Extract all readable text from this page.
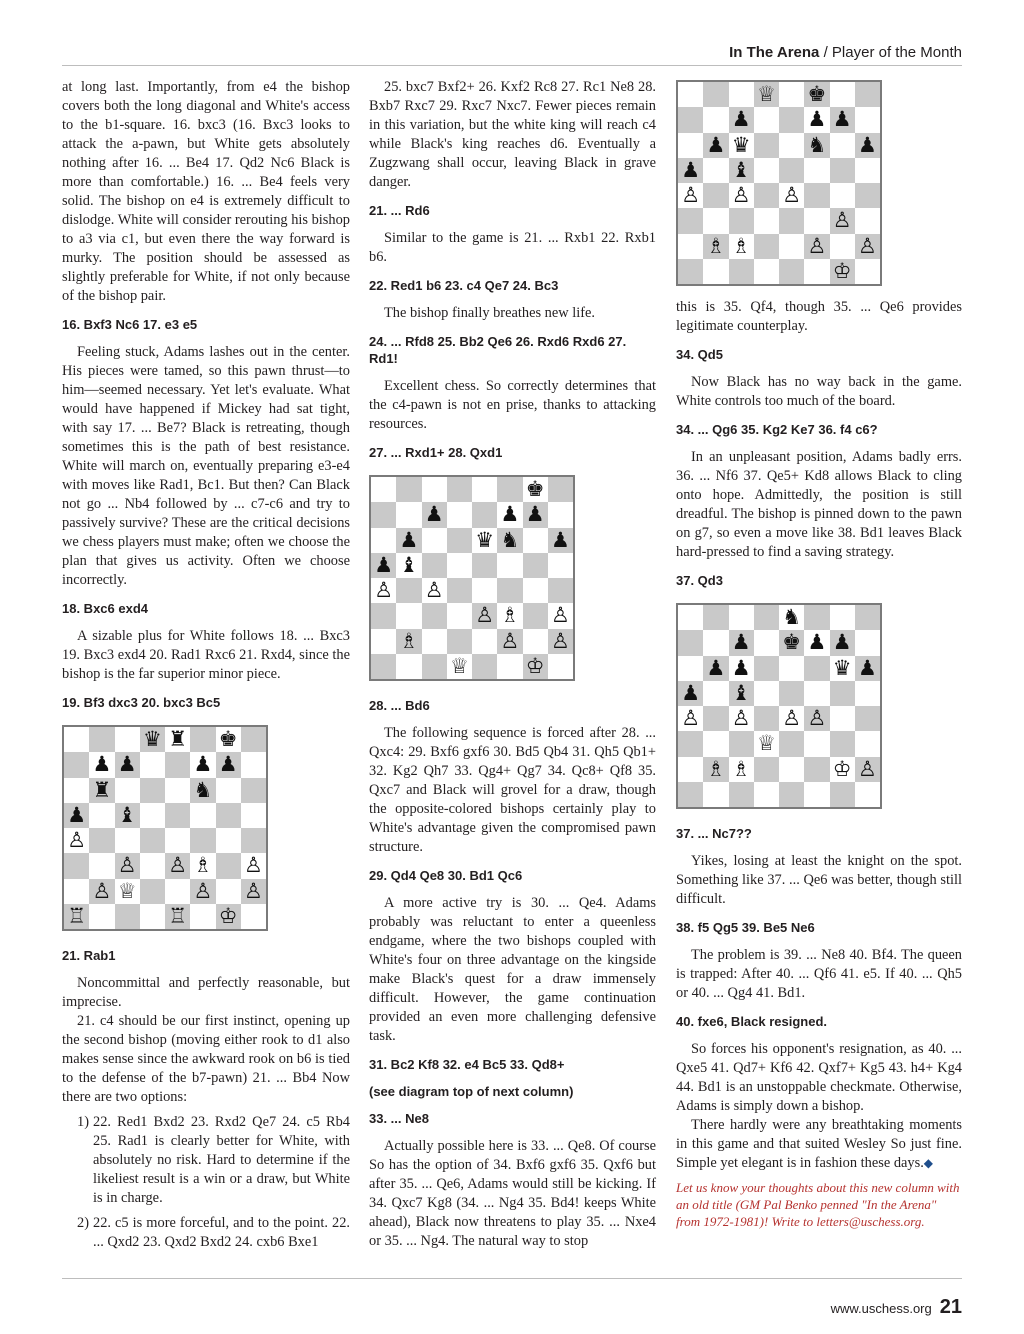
In The Arena / Player of the Month

at long last. Importantly, from e4 the bishop covers both the long diagonal and White's access to the b1-square. 16. bxc3 (16. Bxc3 looks to attack the a-pawn, but White gets absolutely nothing after 16. ... Be4 17. Qd2 Nc6 Black is more than comfortable.) 16. ... Be4 feels very solid. The bishop on e4 is extremely difficult to dislodge. White will consider rerouting his bishop to a3 via c1, but even there the way forward is murky. The position should be assessed as slightly preferable for White, if not only because of the bishop pair.

16. Bxf3 Nc6 17. e3 e5

Feeling stuck, Adams lashes out in the center. His pieces were tamed, so this pawn thrust—to him—seemed necessary. Yet let's evaluate. What would have happened if Mickey had sat tight, with say 17. ... Be7? Black is retreating, though sometimes this is the path of best resistance. White will march on, eventually preparing e3-e4 with moves like Rad1, Bc1. But then? Can Black not go ... Nb4 followed by ... c7-c6 and try to passively survive? These are the critical decisions we chess players must make; often we choose the plan that gives us activity. Often we choose incorrectly.

18. Bxc6 exd4

A sizable plus for White follows 18. ... Bxc3 19. Bxc3 exd4 20. Rad1 Rxc6 21. Rxd4, since the bishop is the far superior minor piece.

19. Bf3 dxc3 20. bxc3 Bc5
♛ ♜ ♚
♟ ♟	♟ ♟
♜	♞
♟ ♝
♙
♙ ♙ ♗ ♙
♙ ♕	♙ ♙
♖	♖ ♔
21. Rab1

Noncommittal and perfectly reasonable, but imprecise.

21. c4 should be our first instinct, opening up the second bishop (moving either rook to d1 also makes sense since the awkward rook on b6 is tied to the defense of the b7-pawn) 21. ... Bb4 Now there are two options:

1) 22. Red1 Bxd2 23. Rxd2 Qe7 24. c5 Rb4 25. Rad1 is clearly better for White, with absolutely no risk. Hard to determine if the likeliest result is a win or a draw, but White is in charge.
2) 22. c5 is more forceful, and to the point. 22. ... Qxd2 23. Qxd2 Bxd2 24. cxb6 Bxe1

25. bxc7 Bxf2+ 26. Kxf2 Rc8 27. Rc1 Ne8 28. Bxb7 Rxc7 29. Rxc7 Nxc7. Fewer pieces remain in this variation, but the white king will reach c4 while Black's king reaches d6. Eventually a Zugzwang shall occur, leaving Black in grave danger.

21. ... Rd6

Similar to the game is 21. ... Rxb1 22. Rxb1 b6.

22. Red1 b6 23. c4 Qe7 24. Bc3

The bishop finally breathes new life.

24. ... Rfd8 25. Bb2 Qe6 26. Rxd6 Rxd6 27. Rd1!

Excellent chess. So correctly determines that the c4-pawn is not en prise, thanks to attacking resources.

27. ... Rxd1+ 28. Qxd1
♚
♟	♟ ♟
♟	♛ ♞ ♟
♟ ♝
♙ ♙
♙ ♗ ♙
♗	♙ ♙
♕	♔
28. ... Bd6

The following sequence is forced after 28. ... Qxc4: 29. Bxf6 gxf6 30. Bd5 Qb4 31. Qh5 Qb1+ 32. Kg2 Qh7 33. Qg4+ Qg7 34. Qc8+ Qf8 35. Qxc7 and Black will grovel for a draw, though the opposite-colored bishops certainly play to White's advantage given the compromised pawn structure.

29. Qd4 Qe8 30. Bd1 Qc6

A more active try is 30. ... Qe4. Adams probably was reluctant to enter a queenless endgame, where the two bishops coupled with White's four on three advantage on the kingside make Black's quest for a draw immensely difficult. However, the game continuation provided an even more challenging defensive task.

31. Bc2 Kf8 32. e4 Bc5 33. Qd8+
(see diagram top of next column)
33. ... Ne8

Actually possible here is 33. ... Qe8. Of course So has the option of 34. Bxf6 gxf6 35. Qxf6 but after 35. ... Qe6, Adams would still be kicking. If 34. Qxc7 Kg8 (34. ... Ng4 35. Bd4! keeps White ahead), Black now threatens to play 35. ... Nxe4 or 35. ... Ng4. The natural way to stop

♕ ♚
♟	♟ ♟
♟ ♛	♞ ♟
♟ ♝
♙ ♙ ♙
♙
♗ ♗	♙ ♙
♔

this is 35. Qf4, though 35. ... Qe6 provides legitimate counterplay.

34. Qd5

Now Black has no way back in the game. White controls too much of the board.

34. ... Qg6 35. Kg2 Ke7 36. f4 c6?

In an unpleasant position, Adams badly errs. 36. ... Nf6 37. Qe5+ Kd8 allows Black to cling onto hope. Admittedly, the position is still dreadful. The bishop is pinned down to the pawn on g7, so even a move like 38. Bd1 leaves Black hard-pressed to find a saving strategy.

37. Qd3
♞
♟ ♚ ♟ ♟
♟ ♟	♛ ♟
♟ ♝
♙ ♙ ♙ ♙
♕
♗ ♗	♔ ♙
37. ... Nc7??

Yikes, losing at least the knight on the spot. Something like 37. ... Qe6 was better, though still difficult.

38. f5 Qg5 39. Be5 Ne6

The problem is 39. ... Ne8 40. Bf4. The queen is trapped: After 40. ... Qf6 41. e5. If 40. ... Qh5 or 40. ... Qg4 41. Bd1.

40. fxe6, Black resigned.

So forces his opponent's resignation, as 40. ... Qxe5 41. Qd7+ Kf6 42. Qxf7+ Kg5 43. h4+ Kg4 44. Bd1 is an unstoppable checkmate. Otherwise, Adams is simply down a bishop.

There hardly were any breathtaking moments in this game and that suited Wesley So just fine. Simple yet elegant is in fashion these days.◆

Let us know your thoughts about this new column with an old title (GM Pal Benko penned "In the Arena" from 1972-1981)! Write to letters@uschess.org.

www.uschess.org 21
